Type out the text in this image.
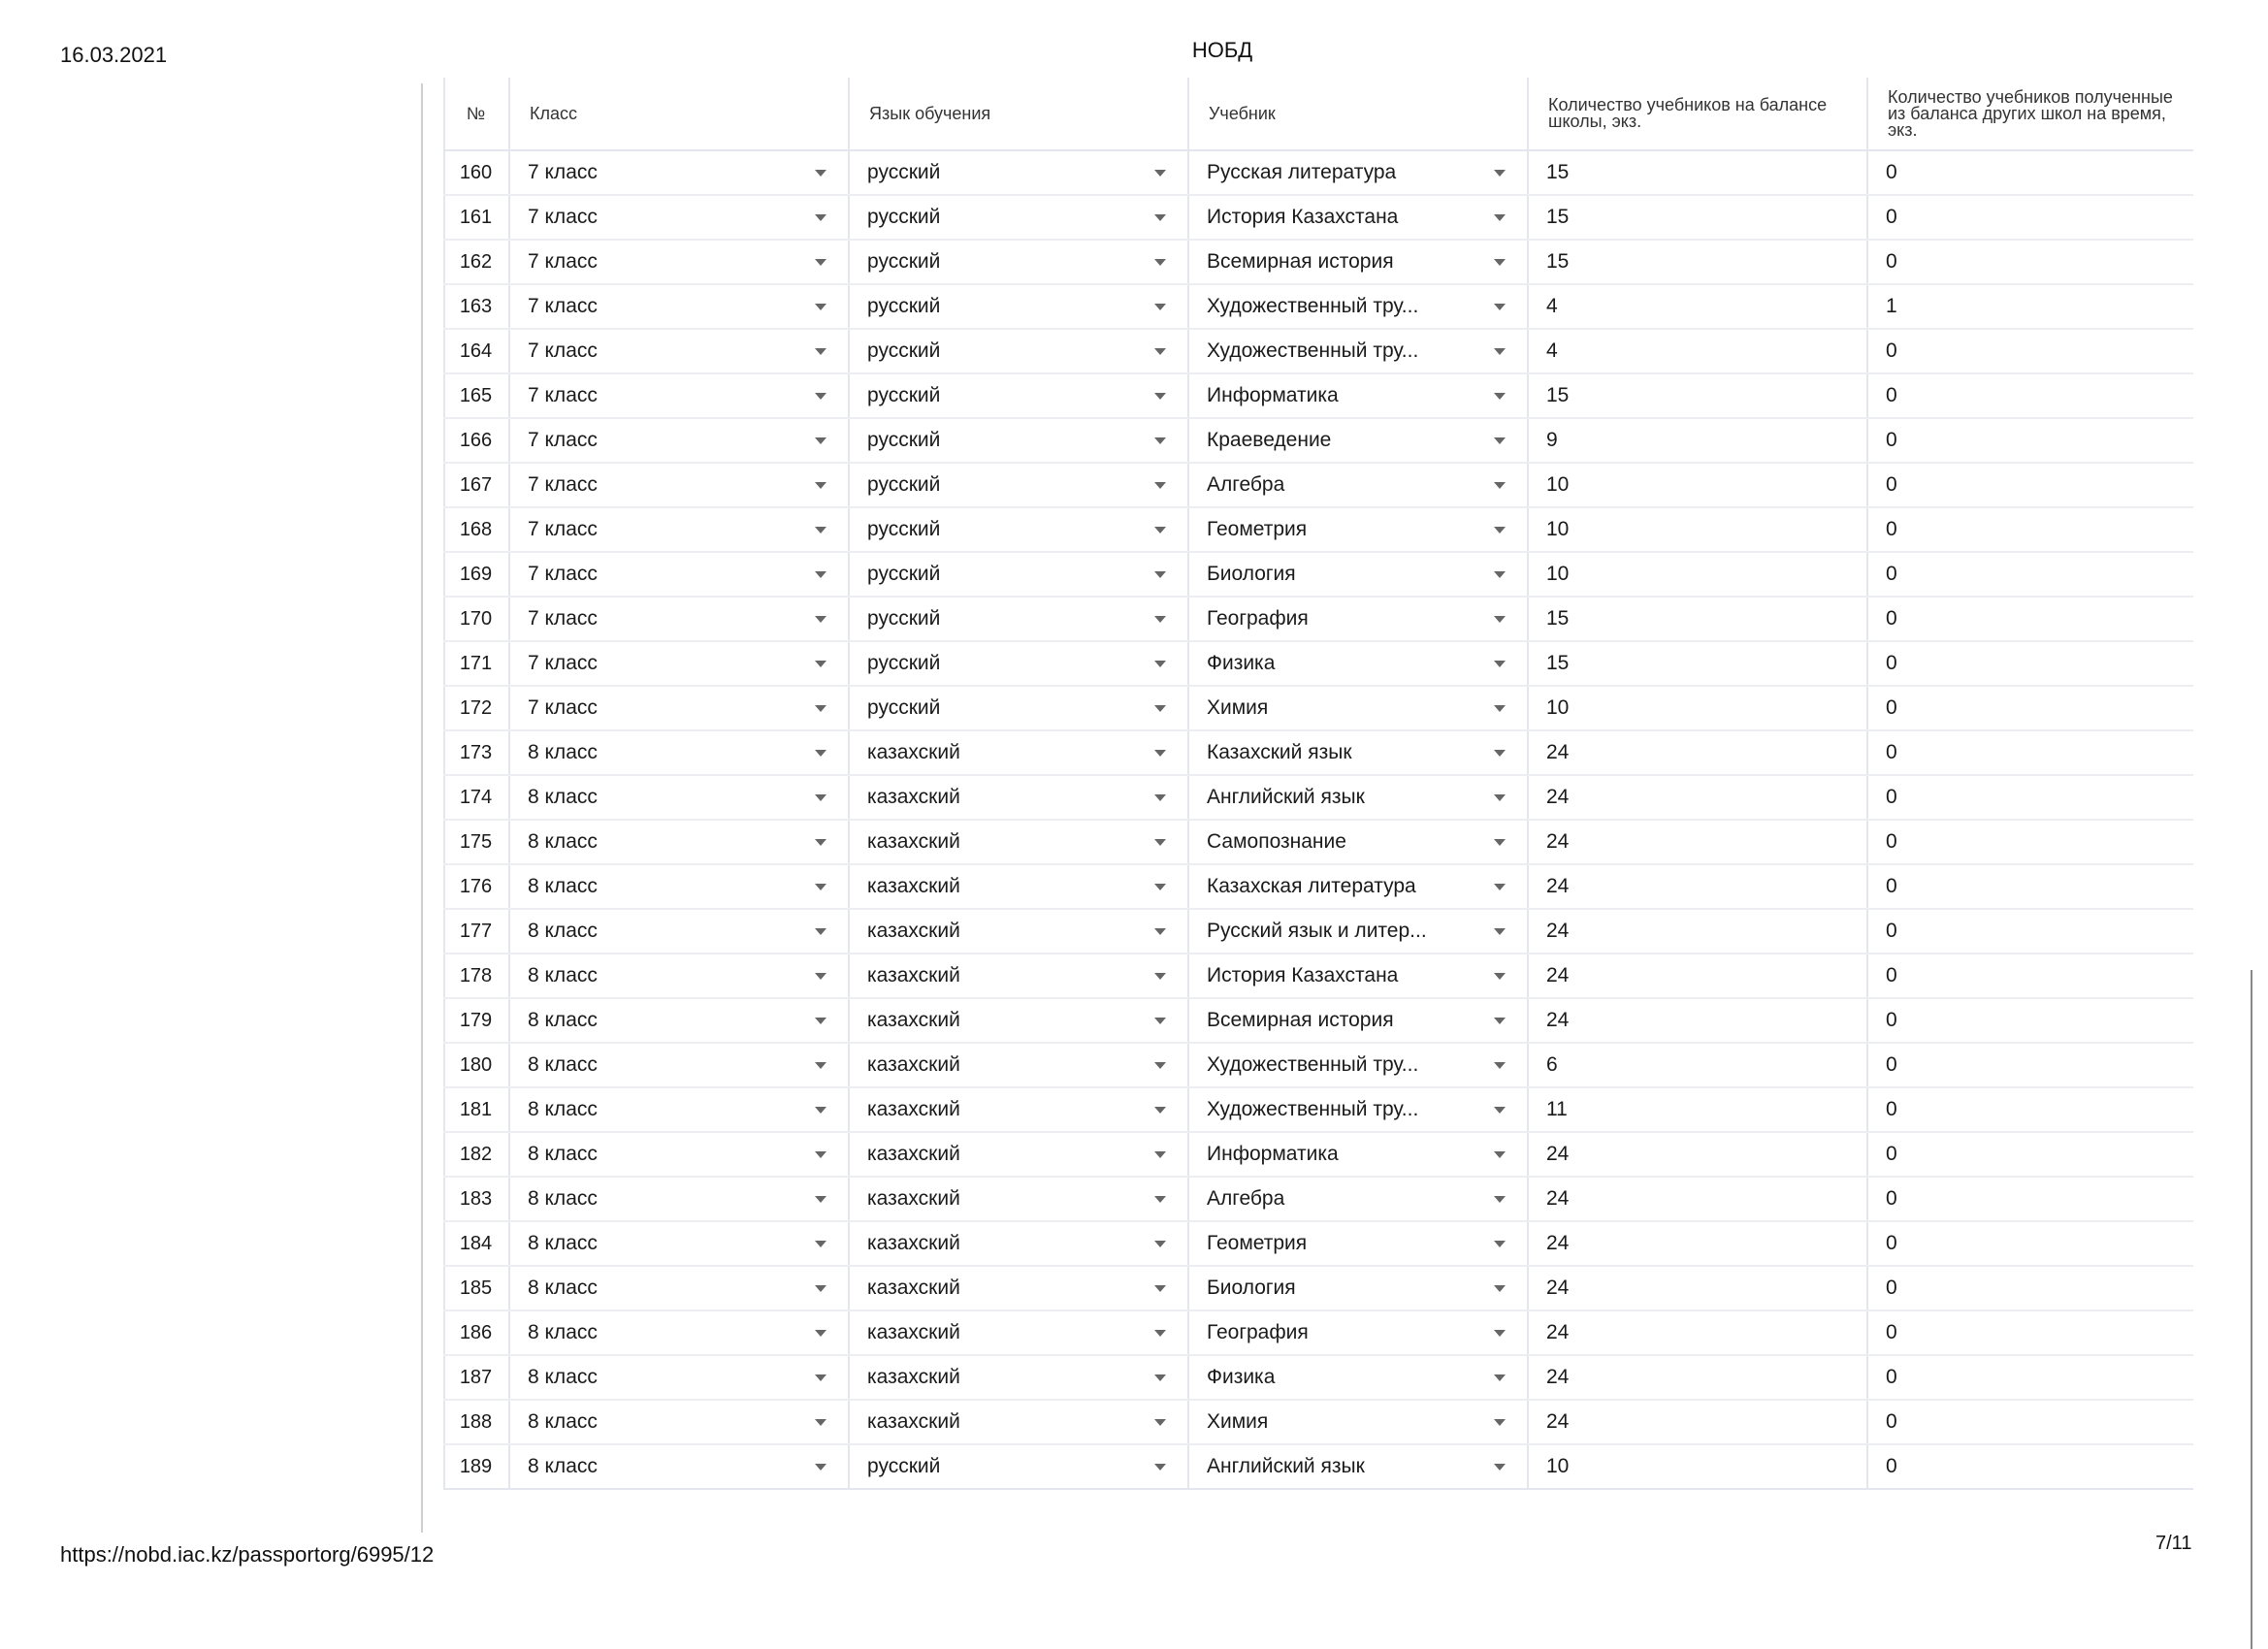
16.03.2021	НОБД
№	Класс	Язык обучения	Учебник	Количество учебников на балансе школы, экз.	Количество учебников полученные из баланса других школ на время, экз.
160	7 класс	русский	Русская литература	15	0
161	7 класс	русский	История Казахстана	15	0
162	7 класс	русский	Всемирная история	15	0
163	7 класс	русский	Художественный тру...	4	1
164	7 класс	русский	Художественный тру...	4	0
165	7 класс	русский	Информатика	15	0
166	7 класс	русский	Краеведение	9	0
167	7 класс	русский	Алгебра	10	0
168	7 класс	русский	Геометрия	10	0
169	7 класс	русский	Биология	10	0
170	7 класс	русский	География	15	0
171	7 класс	русский	Физика	15	0
172	7 класс	русский	Химия	10	0
173	8 класс	казахский	Казахский язык	24	0
174	8 класс	казахский	Английский язык	24	0
175	8 класс	казахский	Самопознание	24	0
176	8 класс	казахский	Казахская литература	24	0
177	8 класс	казахский	Русский язык и литер...	24	0
178	8 класс	казахский	История Казахстана	24	0
179	8 класс	казахский	Всемирная история	24	0
180	8 класс	казахский	Художественный тру...	6	0
181	8 класс	казахский	Художественный тру...	11	0
182	8 класс	казахский	Информатика	24	0
183	8 класс	казахский	Алгебра	24	0
184	8 класс	казахский	Геометрия	24	0
185	8 класс	казахский	Биология	24	0
186	8 класс	казахский	География	24	0
187	8 класс	казахский	Физика	24	0
188	8 класс	казахский	Химия	24	0
189	8 класс	русский	Английский язык	10	0
https://nobd.iac.kz/passportorg/6995/12	7/11
